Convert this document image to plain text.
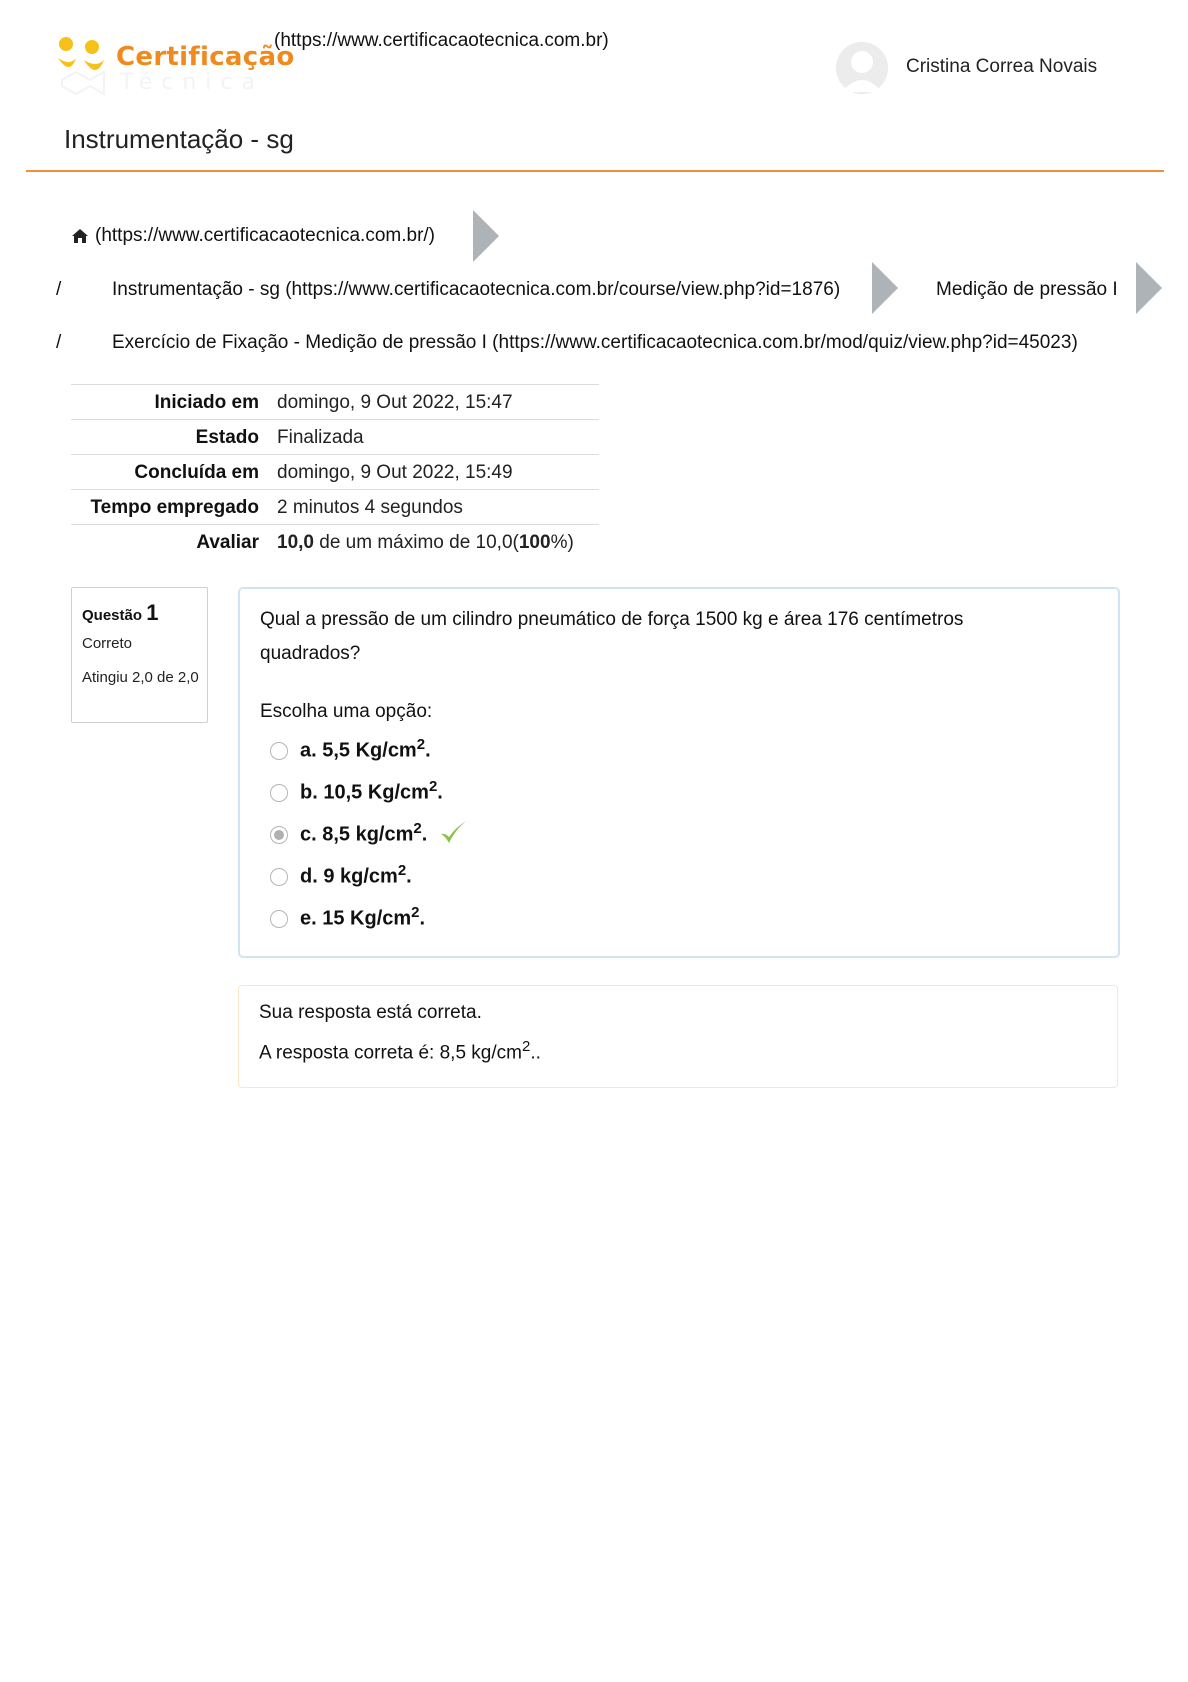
Certificação
Técnica
(https://www.certificacaotecnica.com.br)
Cristina Correa Novais
Instrumentação - sg
(https://www.certificacaotecnica.com.br/)
/	Instrumentação - sg (https://www.certificacaotecnica.com.br/course/view.php?id=1876)	Medição de pressão I
/	Exercício de Fixação - Medição de pressão I (https://www.certificacaotecnica.com.br/mod/quiz/view.php?id=45023)
Iniciado em domingo, 9 Out 2022, 15:47
Estado Finalizada
Concluída em domingo, 9 Out 2022, 15:49
Tempo empregado 2 minutos 4 segundos
Avaliar 10,0 de um máximo de 10,0(100%)
Questão 1
Correto
Atingiu 2,0 de 2,0
Qual a pressão de um cilindro pneumático de força 1500 kg e área 176 centímetros quadrados?
Escolha uma opção:
a. 5,5 $Kg/cm^2$.
b. 10,5 $Kg/cm^2$.
c. 8,5 $kg/cm^2$.
d. 9 $kg/cm^2$.
e. 15 $Kg/cm^2$.
Sua resposta está correta.
A resposta correta é: 8,5 $kg/cm^2$..
